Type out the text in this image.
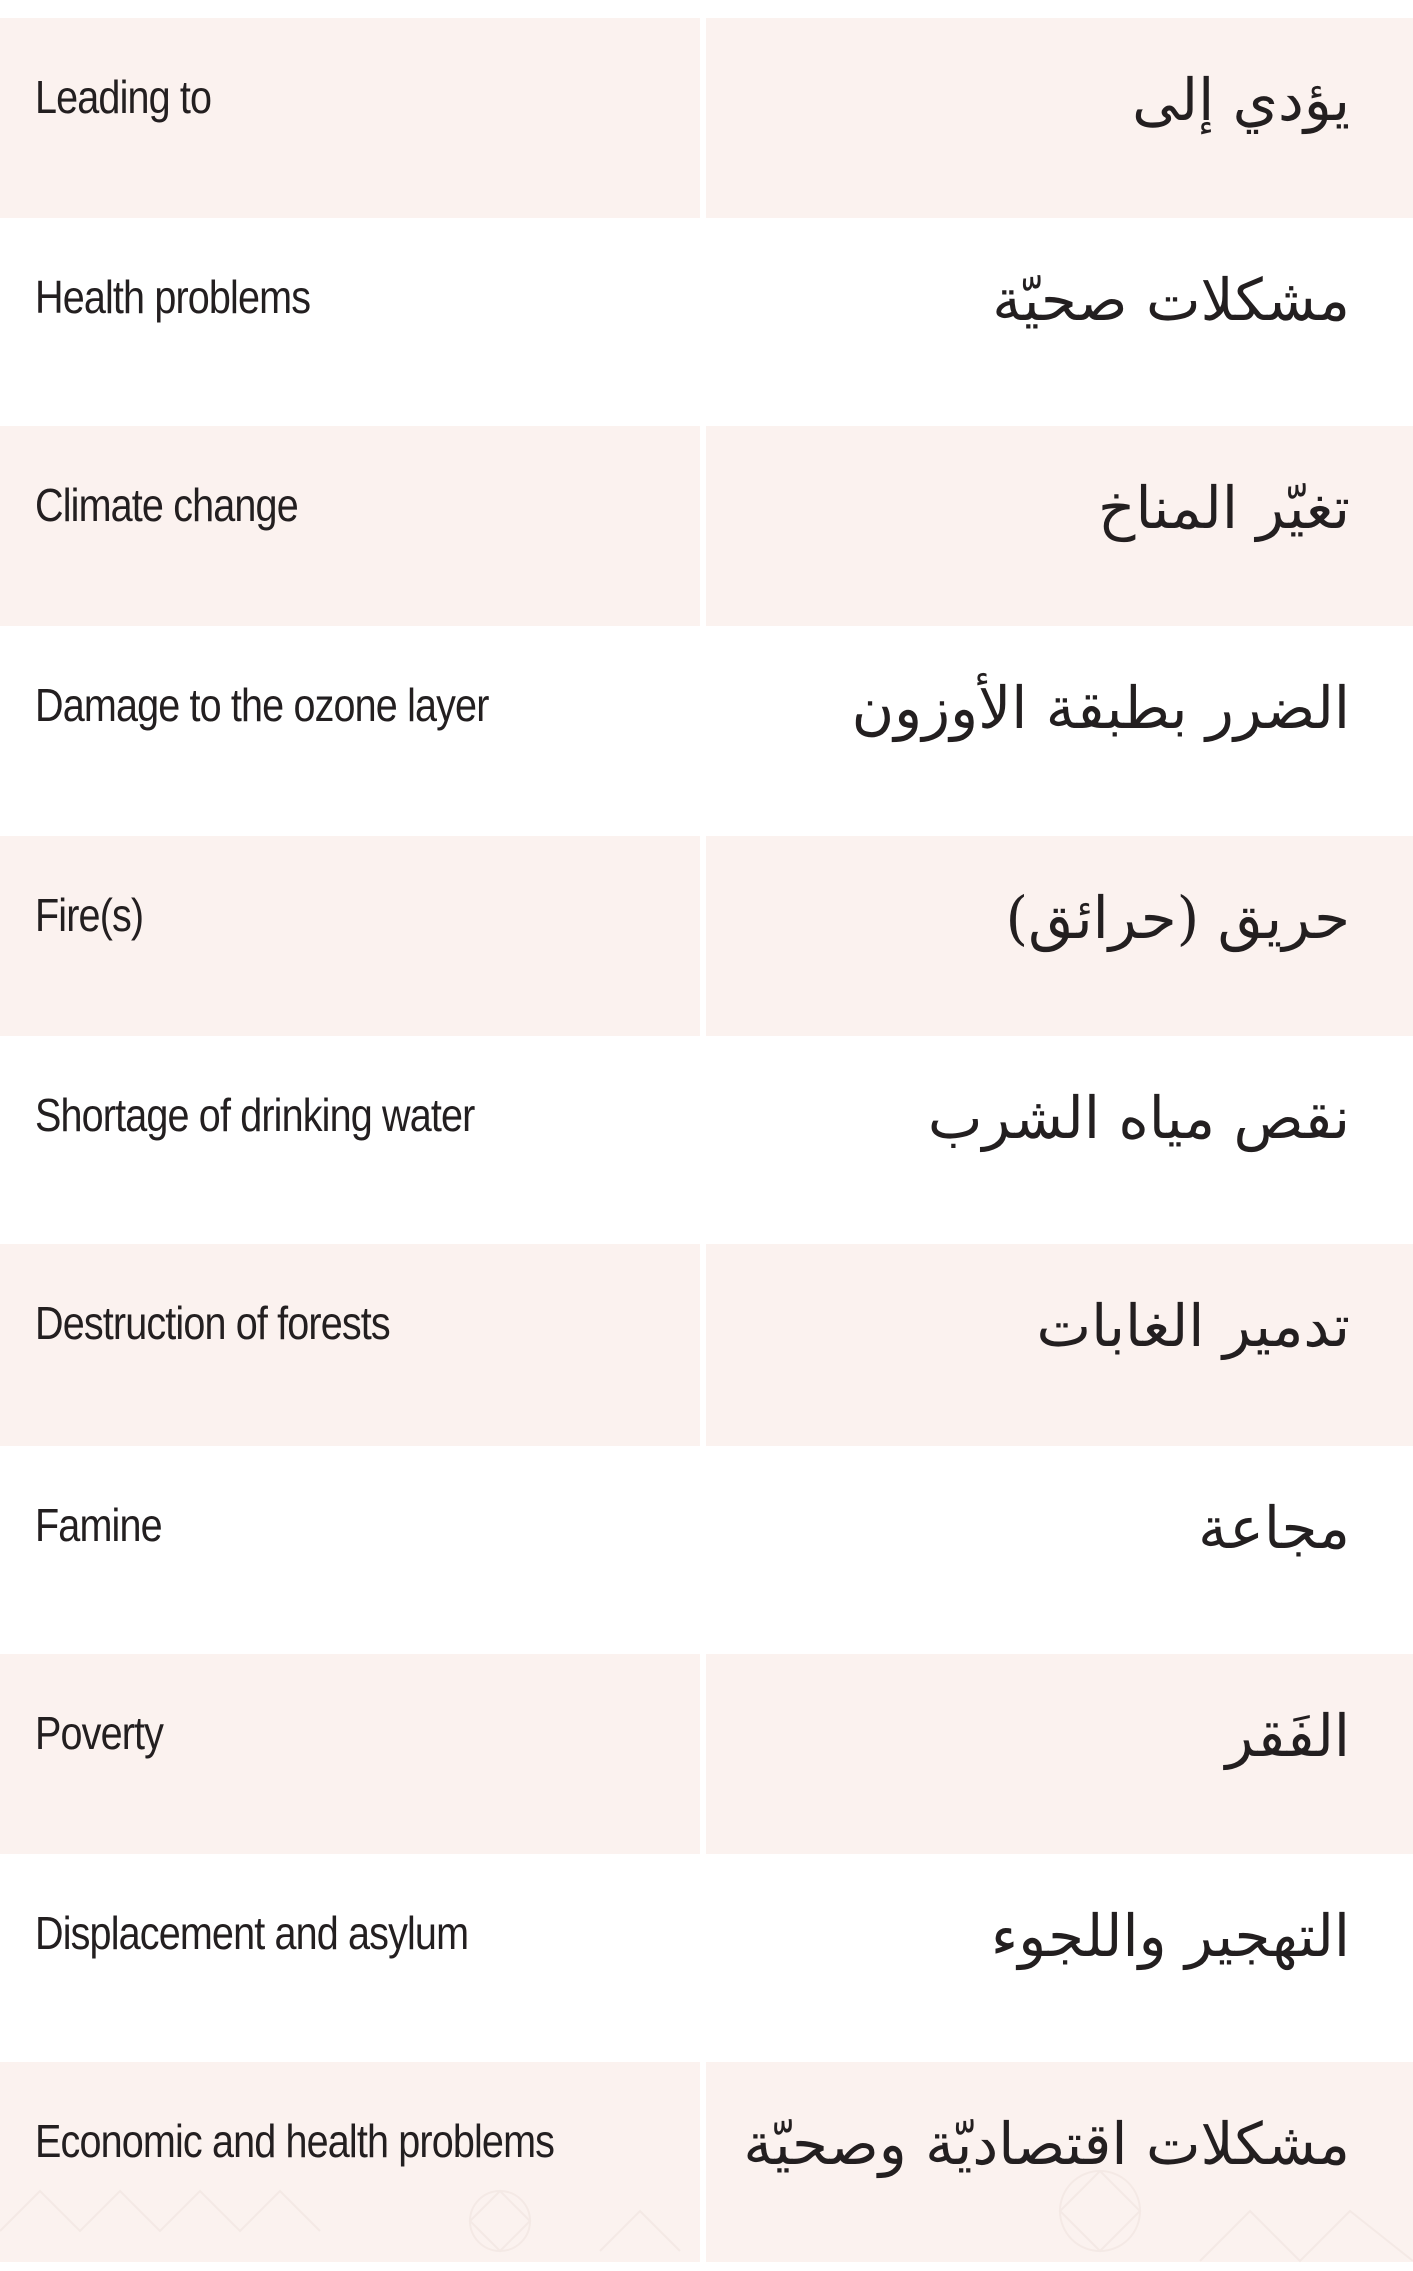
Leading to	يؤدي إلى
Health problems	مشكلات صحيّة
Climate change	تغيّر المناخ
Damage to the ozone layer	الضرر بطبقة الأوزون
Fire(s)	حريق (حرائق)
Shortage of drinking water	نقص مياه الشرب
Destruction of forests	تدمير الغابات
Famine	مجاعة
Poverty	الفَقر
Displacement and asylum	التهجير واللجوء
Economic and health problems	مشكلات اقتصاديّة وصحيّة
